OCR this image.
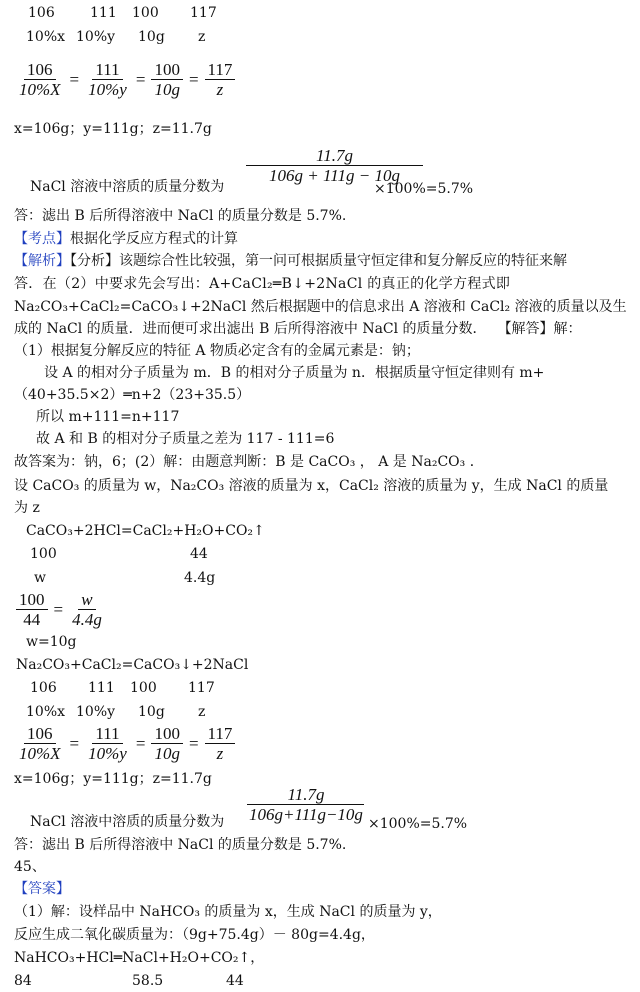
106	111 100 117
10%x 10%y 10g z
$\frac{106}{10\%X} = \frac{111}{10\%y} = \frac{100}{10g} = \frac{117}{z}$
x=106g；y=111g；z=11.7g
NaCl 溶液中溶质的质量分数为
$\frac{11.7g}{106g + 111g - 10g}$
×100%=5.7%
答：滤出 B 后所得溶液中 NaCl 的质量分数是 5.7%.
【考点】根据化学反应方程式的计算
【解析】【分析】该题综合性比较强，第一问可根据质量守恒定律和复分解反应的特征来解
答．在（2）中要求先会写出：A+CaCl₂═B↓+2NaCl 的真正的化学方程式即
Na₂CO₃+CaCl₂=CaCO₃↓+2NaCl 然后根据题中的信息求出 A 溶液和 CaCl₂ 溶液的质量以及生
成的 NaCl 的质量．进而便可求出滤出 B 后所得溶液中 NaCl 的质量分数． 【解答】解：
（1）根据复分解反应的特征 A 物质必定含有的金属元素是：钠；
设 A 的相对分子质量为 m．B 的相对分子质量为 n．根据质量守恒定律则有 m+
（40+35.5×2）═n+2（23+35.5）
所以 m+111=n+117
故 A 和 B 的相对分子质量之差为 117 - 111=6
故答案为：钠，6；(2）解：由题意判断：B 是 CaCO₃ ， A 是 Na₂CO₃ ．
设 CaCO₃ 的质量为 w，Na₂CO₃ 溶液的质量为 x，CaCl₂ 溶液的质量为 y，生成 NaCl 的质量
为 z
CaCO₃+2HCl=CaCl₂+H₂O+CO₂↑
100	44
w	4.4g
$\frac{100}{44} = \frac{w}{4.4g}$
w=10g
Na₂CO₃+CaCl₂=CaCO₃↓+2NaCl
106 111 100 117
10%x 10%y 10g z
$\frac{106}{10\%X} = \frac{111}{10\%y} = \frac{100}{10g} = \frac{117}{z}$
x=106g；y=111g；z=11.7g
NaCl 溶液中溶质的质量分数为 $\frac{11.7g}{106g+111g-10g} \times 100\%=5.7\%$
答：滤出 B 后所得溶液中 NaCl 的质量分数是 5.7%.
45、
【答案】
（1）解：设样品中 NaHCO₃ 的质量为 x，生成 NaCl 的质量为 y，
反应生成二氧化碳质量为：（9g+75.4g）－ 80g=4.4g，
NaHCO₃+HCl═NaCl+H₂O+CO₂↑，
84	58.5	44
